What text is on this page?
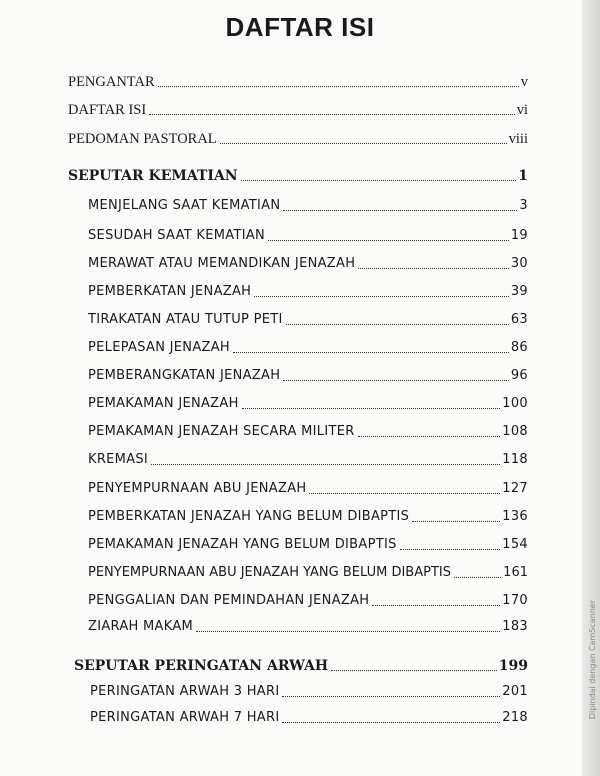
Dipindai dengan CamScanner
DAFTAR ISI
PENGANTAR	v
DAFTAR ISI	vi
PEDOMAN PASTORAL	viii
SEPUTAR KEMATIAN	1
MENJELANG SAAT KEMATIAN	3
SESUDAH SAAT KEMATIAN	19
MERAWAT ATAU MEMANDIKAN JENAZAH	30
PEMBERKATAN JENAZAH	39
TIRAKATAN ATAU TUTUP PETI	63
PELEPASAN JENAZAH	86
PEMBERANGKATAN JENAZAH	96
PEMAKAMAN JENAZAH	100
PEMAKAMAN JENAZAH SECARA MILITER	108
KREMASI	118
PENYEMPURNAAN ABU JENAZAH	127
PEMBERKATAN JENAZAH YANG BELUM DIBAPTIS	136
PEMAKAMAN JENAZAH YANG BELUM DIBAPTIS	154
PENYEMPURNAAN ABU JENAZAH YANG BELUM DIBAPTIS	161
PENGGALIAN DAN PEMINDAHAN JENAZAH	170
ZIARAH MAKAM	183
SEPUTAR PERINGATAN ARWAH	199
PERINGATAN ARWAH 3 HARI	201
PERINGATAN ARWAH 7 HARI	218
